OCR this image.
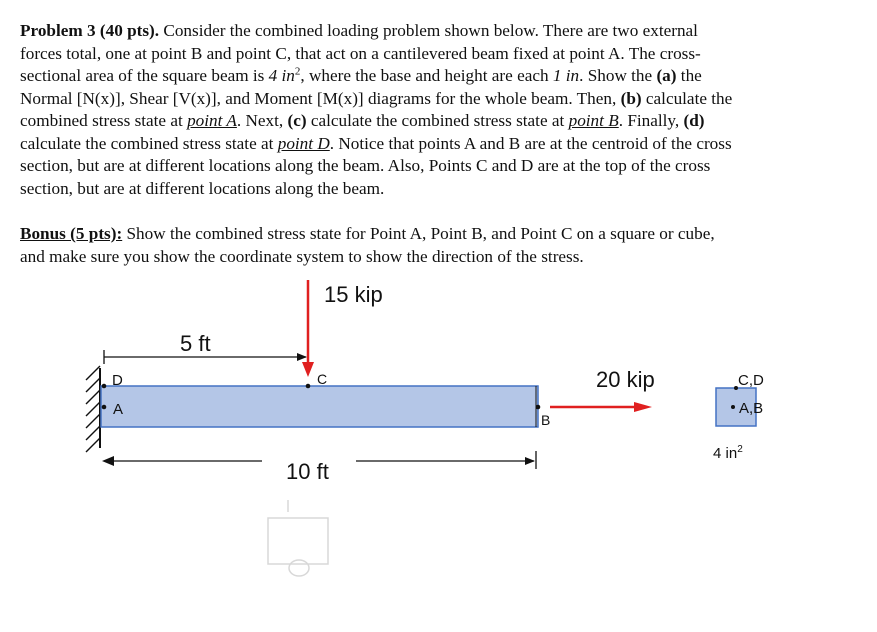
Problem 3 (40 pts). Consider the combined loading problem shown below. There are two external
forces total, one at point B and point C, that act on a cantilevered beam fixed at point A. The cross-
sectional area of the square beam is 4 $in^2$, where the base and height are each 1 in. Show the (a) the
Normal [N(x)], Shear [V(x)], and Moment [M(x)] diagrams for the whole beam. Then, (b) calculate the
combined stress state at point A. Next, (c) calculate the combined stress state at point B. Finally, (d)
calculate the combined stress state at point D. Notice that points A and B are at the centroid of the cross
section, but are at different locations along the beam. Also, Points C and D are at the top of the cross
section, but are at different locations along the beam.
Bonus (5 pts): Show the combined stress state for Point A, Point B, and Point C on a square or cube,
and make sure you show the coordinate system to show the direction of the stress.
D
A
C
B
15 kip
5 ft
10 ft
20 kip	C,D
A,B
4 $in^2$
